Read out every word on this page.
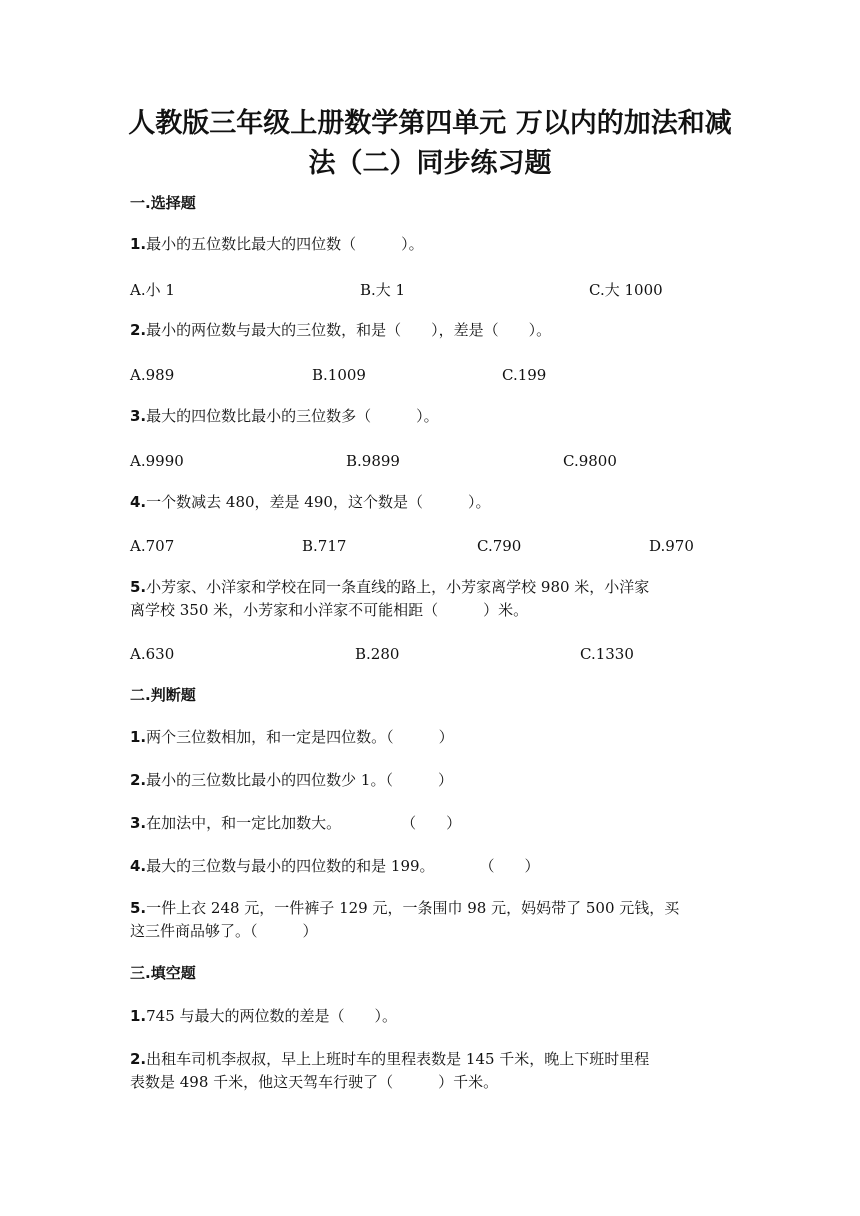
人教版三年级上册数学第四单元 万以内的加法和减
法（二）同步练习题
一.选择题

1.最小的五位数比最大的四位数（　　　）。

A.小 1	B.大 1	C.大 1000

2.最小的两位数与最大的三位数，和是（　　），差是（　　）。

A.989	B.1009	C.199

3.最大的四位数比最小的三位数多（　　　）。

A.9990	B.9899	C.9800

4.一个数减去 480，差是 490，这个数是（　　　）。

A.707	B.717	C.790	D.970

5.小芳家、小洋家和学校在同一条直线的路上，小芳家离学校 980 米，小洋家
离学校 350 米，小芳家和小洋家不可能相距（　　　）米。

A.630	B.280	C.1330
二.判断题

1.两个三位数相加，和一定是四位数。（　　　）

2.最小的三位数比最小的四位数少 1。（　　　）

3.在加法中，和一定比加数大。　　　　　（　　）

4.最大的三位数与最小的四位数的和是 199。　　　　（　　）

5.一件上衣 248 元，一件裤子 129 元，一条围巾 98 元，妈妈带了 500 元钱，买
这三件商品够了。（　　　）

三.填空题

1.745 与最大的两位数的差是（　　）。

2.出租车司机李叔叔，早上上班时车的里程表数是 145 千米，晚上下班时里程
表数是 498 千米，他这天驾车行驶了（　　　）千米。
